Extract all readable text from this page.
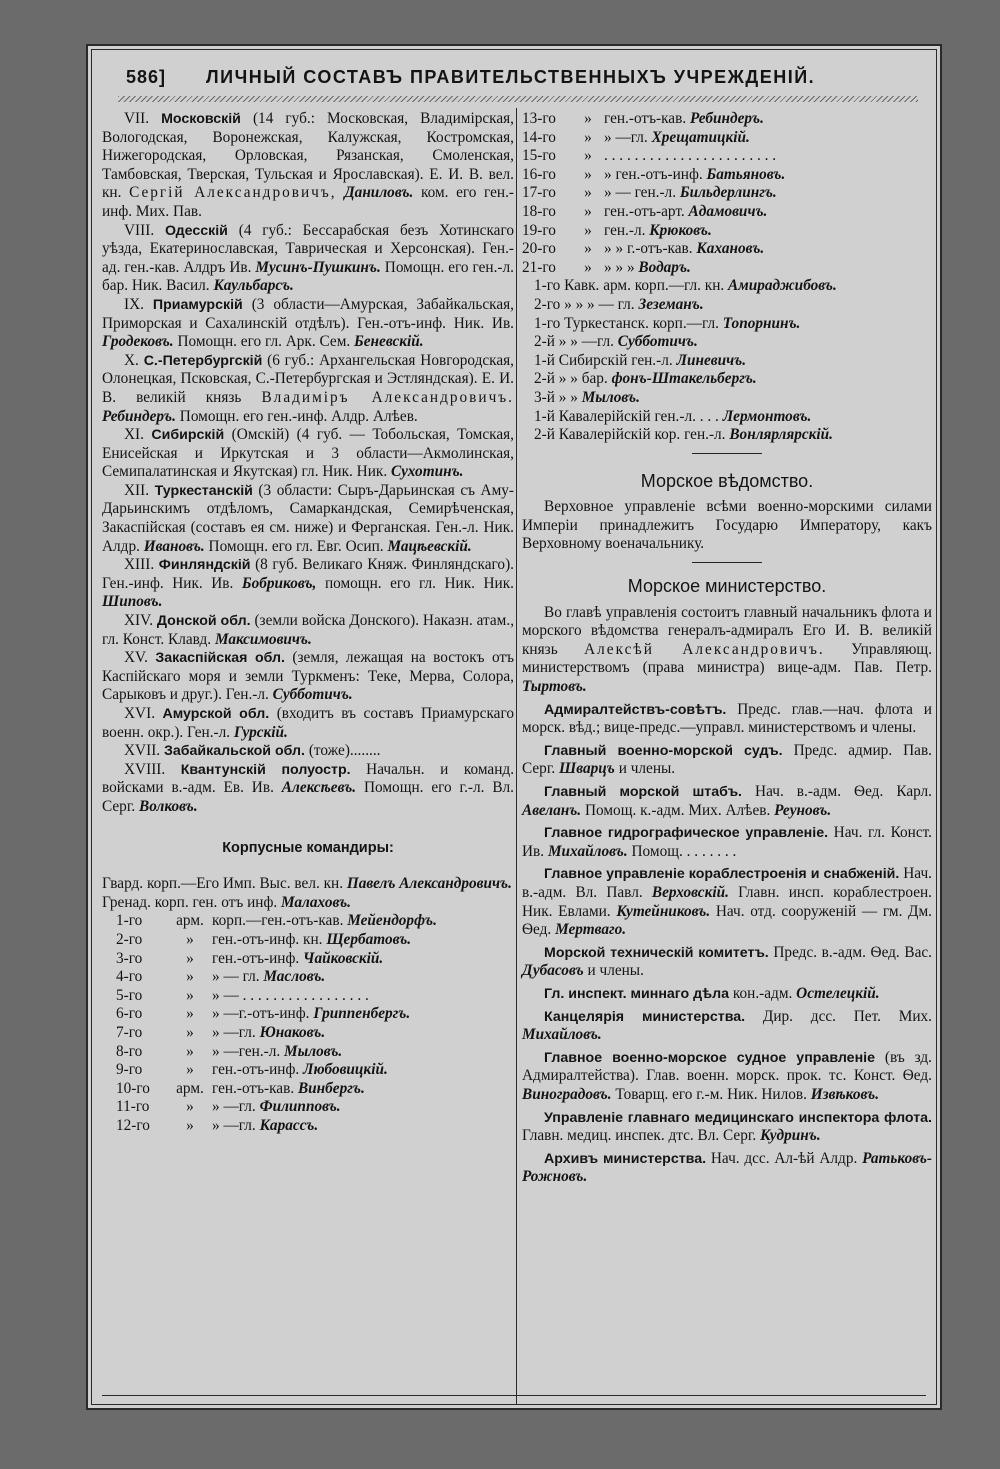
586] ЛИЧНЫЙ СОСТАВЪ ПРАВИТЕЛЬСТВЕННЫХЪ УЧРЕЖДЕНІЙ.

VII. Московскій (14 губ.: Московская, Владимірская, Вологодская, Воронежская, Калужская, Костромская, Нижегородская, Орловская, Рязанская, Смоленская, Тамбовская, Тверская, Тульская и Ярославская). Е. И. В. вел. кн. Сергій Александровичъ, Даниловъ. ком. его ген.-инф. Мих. Пав.

VIII. Одесскій (4 губ.: Бессарабская безъ Хотинскаго уѣзда, Екатеринославская, Таврическая и Херсонская). Ген.-ад. ген.-кав. Алдръ Ив. Мусинъ-Пушкинъ. Помощн. его ген.-л. бар. Ник. Васил. Каульбарсъ.

IX. Приамурскій (3 области—Амурская, Забайкальская, Приморская и Сахалинскій отдѣлъ). Ген.-отъ-инф. Ник. Ив. Гродековъ. Помощн. его гл. Арк. Сем. Беневскій.

X. С.-Петербургскій (6 губ.: Архангельская Новгородская, Олонецкая, Псковская, С.-Петербургская и Эстляндская). Е. И. В. великій князь Владиміръ Александровичъ. Ребиндеръ. Помощн. его ген.-инф. Алдр. Алѣев.

XI. Сибирскій (Омскій) (4 губ. — Тобольская, Томская, Енисейская и Иркутская и 3 области—Акмолинская, Семипалатинская и Якутская) гл. Ник. Ник. Сухотинъ.

XII. Туркестанскій (3 области: Сыръ-Дарьинская съ Аму-Дарьинскимъ отдѣломъ, Самаркандская, Семирѣченская, Закаспійская (составъ ея см. ниже) и Ферганская. Ген.-л. Ник. Алдр. Ивановъ. Помощн. его гл. Евг. Осип. Мацѣевскій.

XIII. Финляндскій (8 губ. Великаго Княж. Финляндскаго). Ген.-инф. Ник. Ив. Бобриковъ, помощн. его гл. Ник. Ник. Шиповъ.

XIV. Донской обл. (земли войска Донского). Наказн. атам., гл. Конст. Клавд. Максимовичъ.

XV. Закаспійская обл. (земля, лежащая на востокъ отъ Каспійскаго моря и земли Туркменъ: Теке, Мерва, Солора, Сарыковъ и друг.). Ген.-л. Субботичъ.

XVI. Амурской обл. (входитъ въ составъ Приамурскаго военн. окр.). Ген.-л. Гурскій.

XVII. Забайкальской обл. (тоже)........

XVIII. Квантунскій полуостр. Начальн. и команд. войсками в.-адм. Ев. Ив. Алексѣевъ. Помощн. его г.-л. Вл. Серг. Волковъ.

Корпусные командиры:

Гвард. корп.—Его Имп. Выс. вел. кн. Павелъ Александровичъ.

Гренад. корп. ген. отъ инф. Малаховъ.

1-го	арм. корп.—ген.-отъ-кав. Мейендорфъ.
2-го	»	ген.-отъ-инф. кн. Щербатовъ.
3-го	»	ген.-отъ-инф. Чайковскій.
4-го	»	» — гл. Масловъ.
5-го	»	» — . . . . . . . . . . . . . . . . .
6-го	»	» —г.-отъ-инф. Гриппенбергъ.
7-го	»	» —гл. Юнаковъ.
8-го	»	» —ген.-л. Мыловъ.
9-го	»	ген.-отъ-инф. Любовицкій.
10-го	арм. ген.-отъ-кав. Винбергъ.
11-го	»	» —гл. Филипповъ.
12-го	»	» —гл. Карассъ.
13-го	» ген.-отъ-кав. Ребиндеръ.
14-го	» » —гл. Хрещатицкій.
15-го	» . . . . . . . . . . . . . . . . . . . . . . .
16-го	» » ген.-отъ-инф. Батьяновъ.
17-го	» » — ген.-л. Бильдерлингъ.
18-го	» ген.-отъ-арт. Адамовичъ.
19-го	» ген.-л. Крюковъ.
20-го	» » » г.-отъ-кав. Кахановъ.
21-го	» » » » Водаръ.

1-го Кавк. арм. корп.—гл. кн. Амираджибовъ.

2-го » » » — гл. Зеземанъ.

1-го Туркестанск. корп.—гл. Топорнинъ.

2-й » » —гл. Субботичъ.

1-й Сибирскій ген.-л. Линевичъ.

2-й » » бар. фонъ-Штакельбергъ.

3-й » » Мыловъ.

1-й Кавалерійскій ген.-л. . . . Лермонтовъ.

2-й Кавалерійскій кор. ген.-л. Вонлярлярскій.

Морское вѣдомство.

Верховное управленіе всѣми военно-морскими силами Имперіи принадлежитъ Государю Императору, какъ Верховному военачальнику.

Морское министерство.

Во главѣ управленія состоитъ главный начальникъ флота и морского вѣдомства генералъ-адмиралъ Его И. В. великій князь Алексѣй Александровичъ. Управляющ. министерствомъ (права министра) вице-адм. Пав. Петр. Тыртовъ.

Адмиралтействъ-совѣтъ. Предс. глав.—нач. флота и морск. вѣд.; вице-предс.—управл. министерствомъ и члены.

Главный военно-морской судъ. Предс. адмир. Пав. Серг. Шварцъ и члены.

Главный морской штабъ. Нач. в.-адм. Ѳед. Карл. Авеланъ. Помощ. к.-адм. Мих. Алѣев. Реуновъ.

Главное гидрографическое управленіе. Нач. гл. Конст. Ив. Михайловъ. Помощ. . . . . . . .

Главное управленіе кораблестроенія и снабженій. Нач. в.-адм. Вл. Павл. Верховскій. Главн. инсп. кораблестроен. Ник. Евлами. Кутейниковъ. Нач. отд. сооруженій — гм. Дм. Ѳед. Мертваго.

Морской техническій комитетъ. Предс. в.-адм. Ѳед. Вас. Дубасовъ и члены.

Гл. инспект. миннаго дѣла кон.-адм. Остелецкій.

Канцелярія министерства. Дир. дсс. Пет. Мих. Михайловъ.

Главное военно-морское судное управленіе (въ зд. Адмиралтейства). Глав. военн. морск. прок. тс. Конст. Ѳед. Виноградовъ. Товарщ. его г.-м. Ник. Нилов. Извѣковъ.

Управленіе главнаго медицинскаго инспектора флота. Главн. медиц. инспек. дтс. Вл. Серг. Кудринъ.

Архивъ министерства. Нач. дсс. Ал-ѣй Алдр. Ратьковъ-Рожновъ.
